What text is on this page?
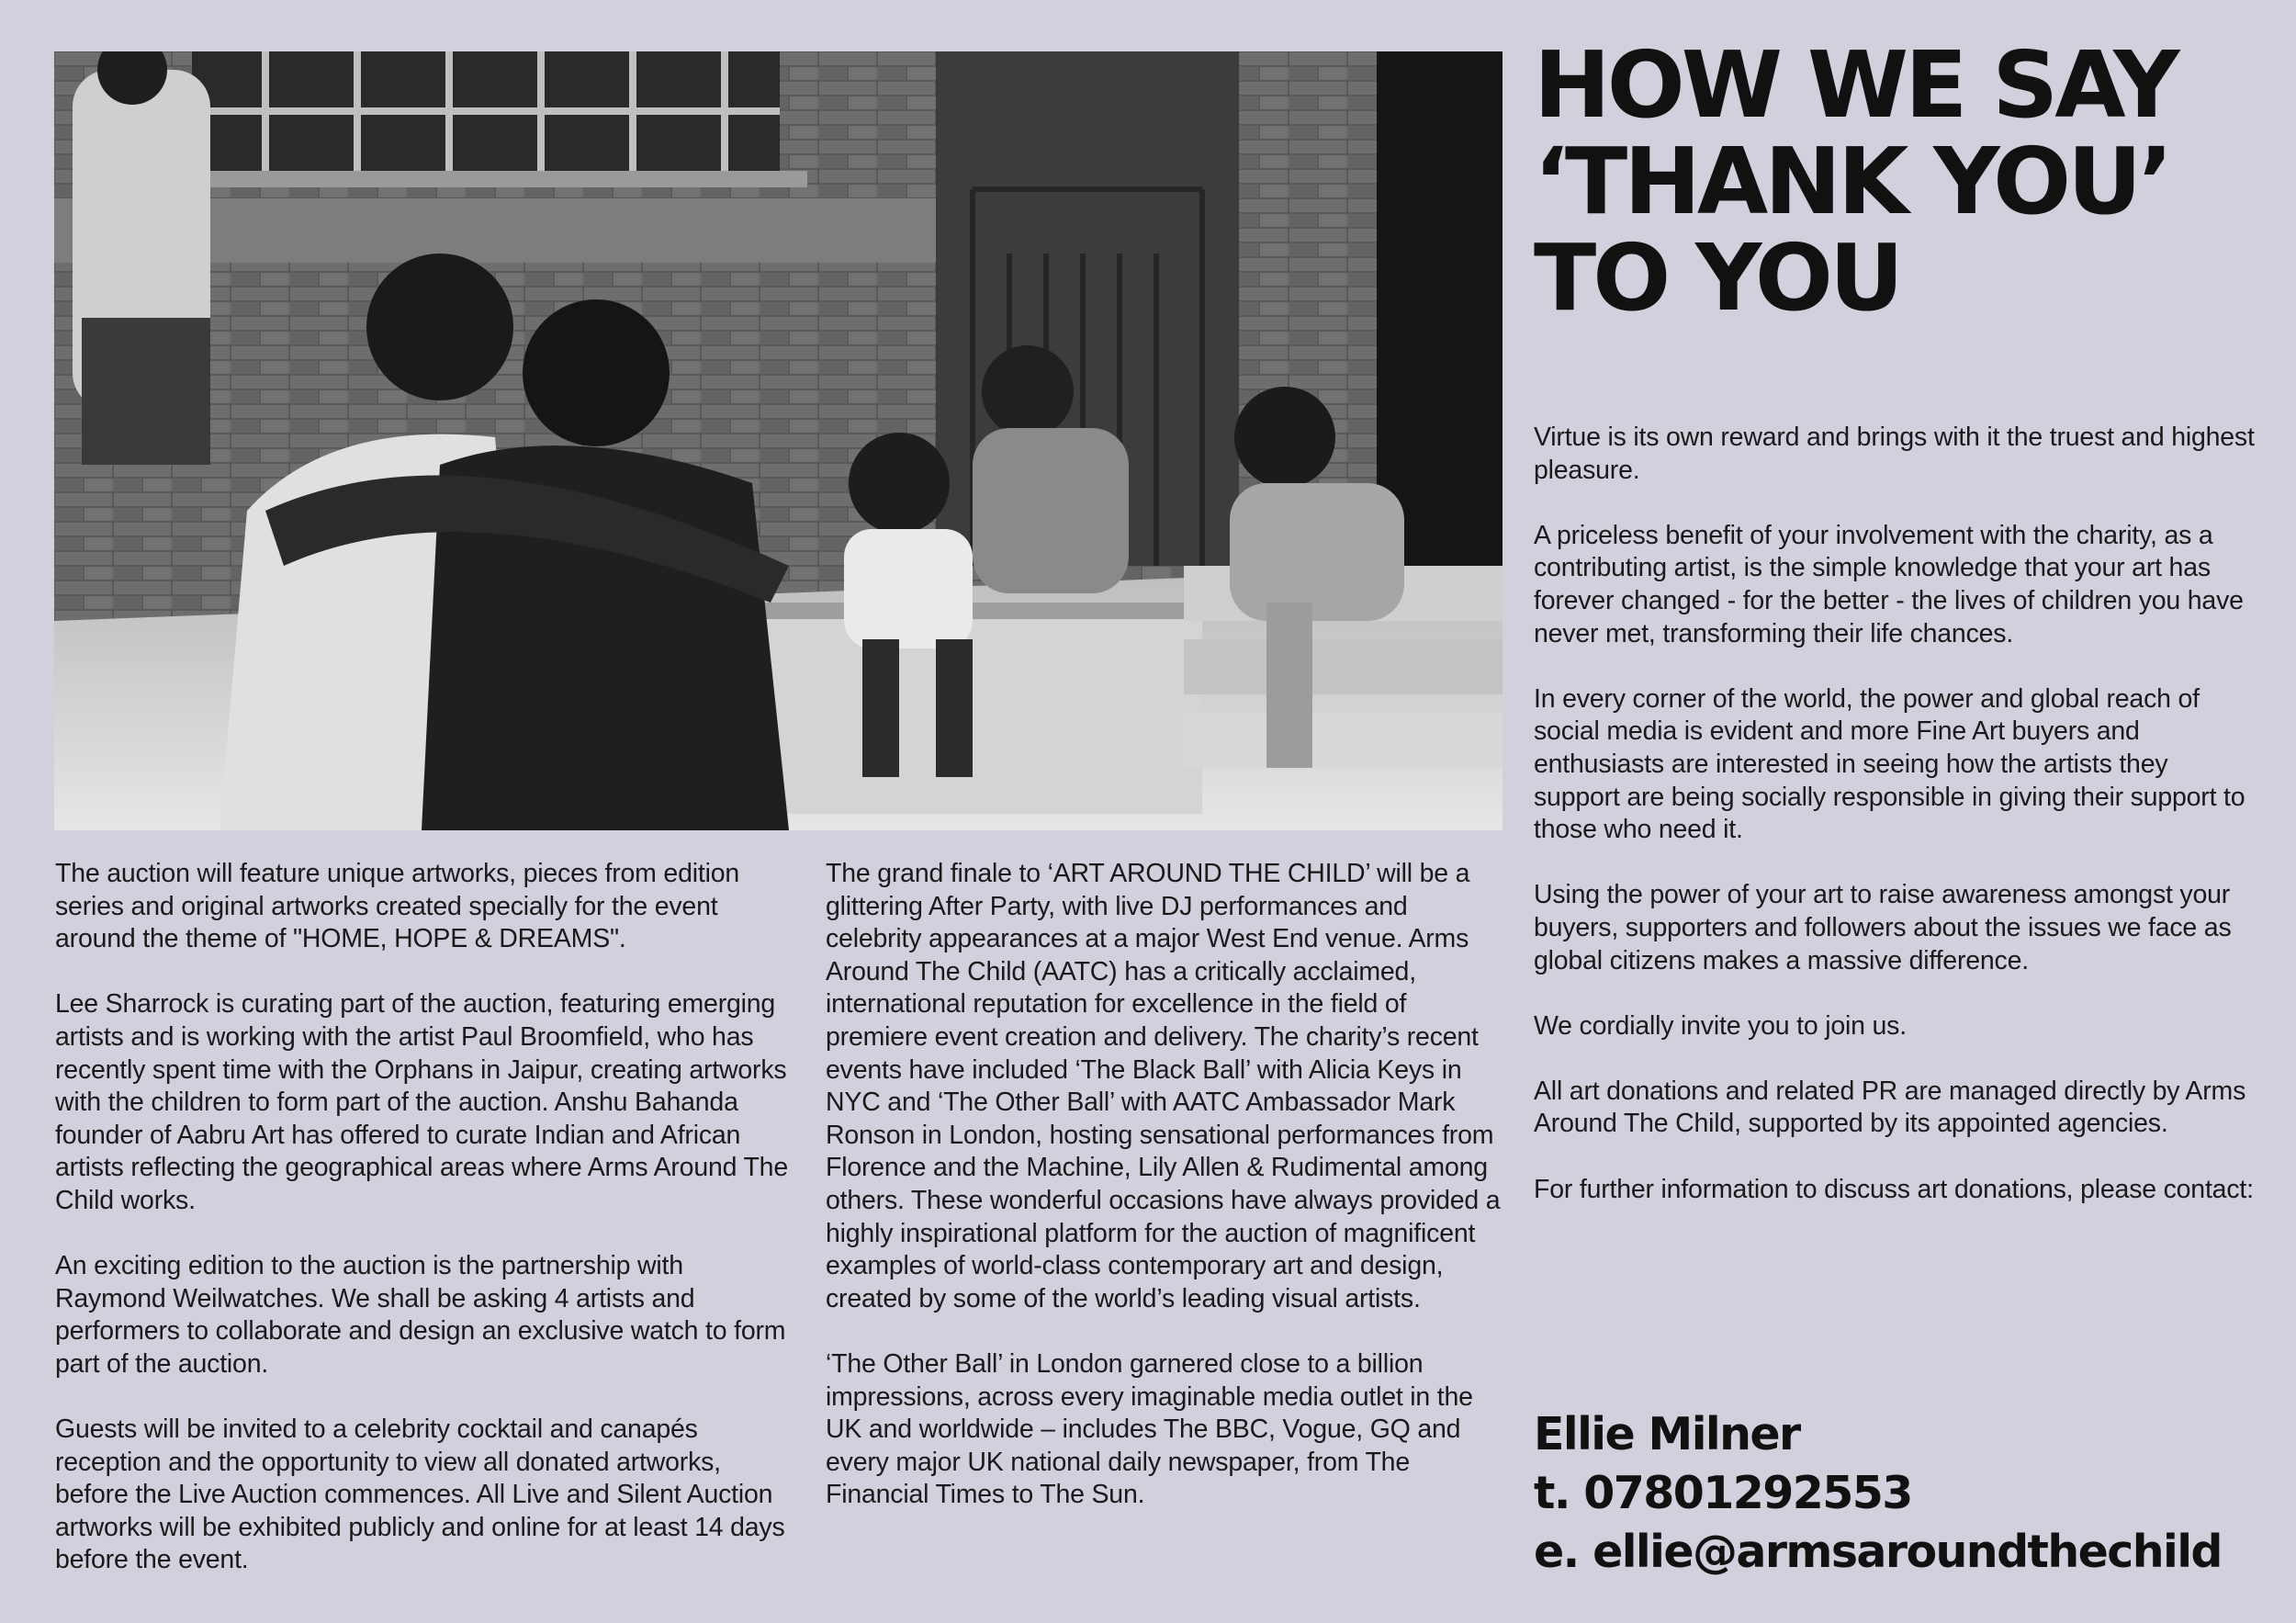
The auction will feature unique artworks, pieces from edition series and original artworks created specially for the event around the theme of "HOME, HOPE & DREAMS".

Lee Sharrock is curating part of the auction, featuring emerging artists and is working with the artist Paul Broomfield, who has recently spent time with the Orphans in Jaipur, creating artworks with the children to form part of the auction. Anshu Bahanda founder of Aabru Art has offered to curate Indian and African artists reflecting the geographical areas where Arms Around The Child works.

An exciting edition to the auction is the partnership with Raymond Weilwatches. We shall be asking 4 artists and performers to collaborate and design an exclusive watch to form part of the auction.

Guests will be invited to a celebrity cocktail and canapés reception and the opportunity to view all donated artworks, before the Live Auction commences. All Live and Silent Auction artworks will be exhibited publicly and online for at least 14 days before the event.

The grand finale to ‘ART AROUND THE CHILD’ will be a glittering After Party, with live DJ performances and celebrity appearances at a major West End venue. Arms Around The Child (AATC) has a critically acclaimed, international reputation for excellence in the field of premiere event creation and delivery. The charity’s recent events have included ‘The Black Ball’ with Alicia Keys in NYC and ‘The Other Ball’ with AATC Ambassador Mark Ronson in London, hosting sensational performances from Florence and the Machine, Lily Allen & Rudimental among others. These wonderful occasions have always provided a highly inspirational platform for the auction of magnificent examples of world-class contemporary art and design, created by some of the world’s leading visual artists.

‘The Other Ball’ in London garnered close to a billion impressions, across every imaginable media outlet in the UK and worldwide – includes The BBC, Vogue, GQ and every major UK national daily newspaper, from The Financial Times to The Sun.

HOW WE SAY
‘THANK YOU’
TO YOU

Virtue is its own reward and brings with it the truest and highest pleasure.

A priceless benefit of your involvement with the charity, as a contributing artist, is the simple knowledge that your art has forever changed - for the better - the lives of children you have never met, transforming their life chances.

In every corner of the world, the power and global reach of social media is evident and more Fine Art buyers and enthusiasts are interested in seeing how the artists they support are being socially responsible in giving their support to those who need it.

Using the power of your art to raise awareness amongst your buyers, supporters and followers about the issues we face as global citizens makes a massive difference.

We cordially invite you to join us.

All art donations and related PR are managed directly by Arms Around The Child, supported by its appointed agencies.

For further information to discuss art donations, please contact:

Ellie Milner
t. 07801292553
e. ellie@armsaroundthechild
